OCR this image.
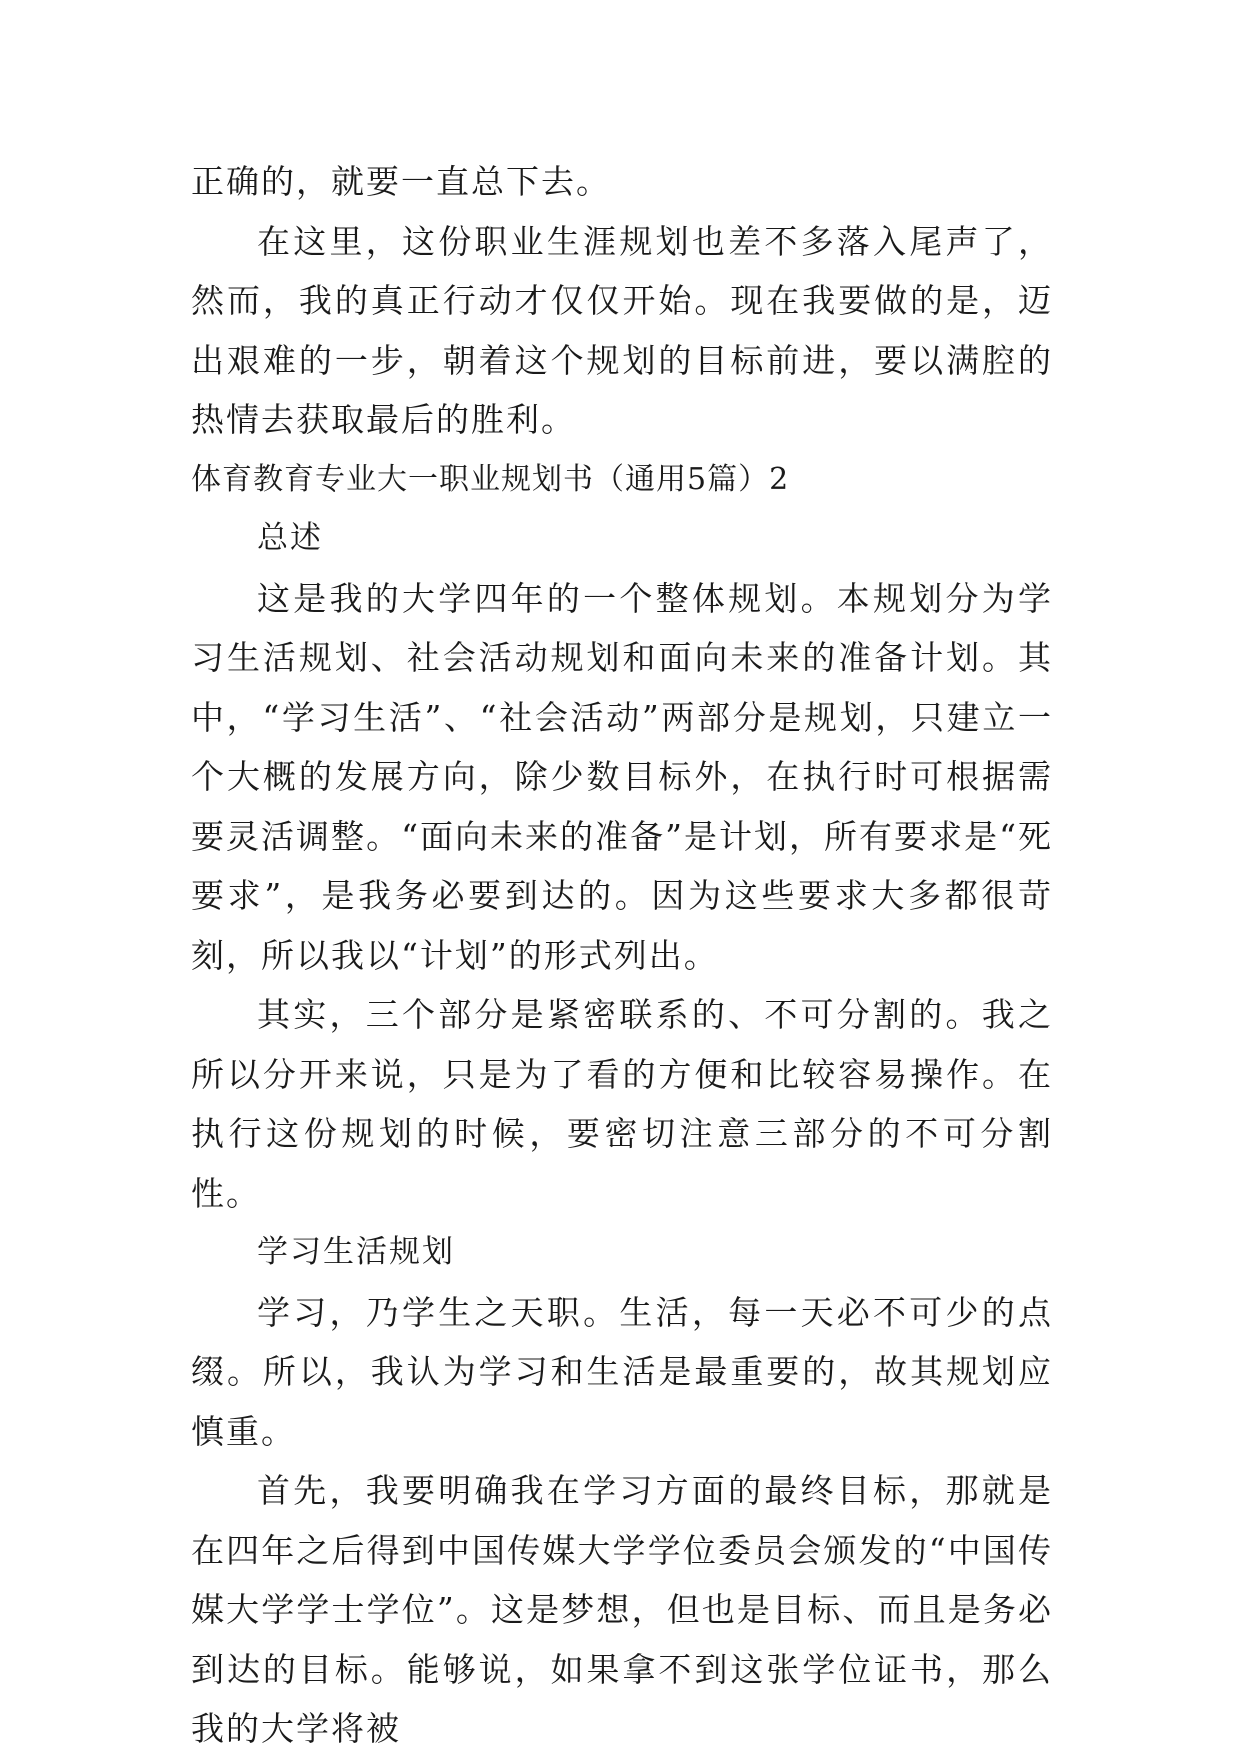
正确的，就要一直总下去。

在这里，这份职业生涯规划也差不多落入尾声了，然而，我的真正行动才仅仅开始。现在我要做的是，迈出艰难的一步，朝着这个规划的目标前进，要以满腔的热情去获取最后的胜利。

体育教育专业大一职业规划书（通用5篇）2

总述

这是我的大学四年的一个整体规划。本规划分为学习生活规划、社会活动规划和面向未来的准备计划。其中，“学习生活”、“社会活动”两部分是规划，只建立一个大概的发展方向，除少数目标外，在执行时可根据需要灵活调整。“面向未来的准备”是计划，所有要求是“死要求”，是我务必要到达的。因为这些要求大多都很苛刻，所以我以“计划”的形式列出。

其实，三个部分是紧密联系的、不可分割的。我之所以分开来说，只是为了看的方便和比较容易操作。在执行这份规划的时候，要密切注意三部分的不可分割性。

学习生活规划

学习，乃学生之天职。生活，每一天必不可少的点缀。所以，我认为学习和生活是最重要的，故其规划应慎重。

首先，我要明确我在学习方面的最终目标，那就是在四年之后得到中国传媒大学学位委员会颁发的“中国传媒大学学士学位”。这是梦想，但也是目标、而且是务必到达的目标。能够说，如果拿不到这张学位证书，那么我的大学将被
